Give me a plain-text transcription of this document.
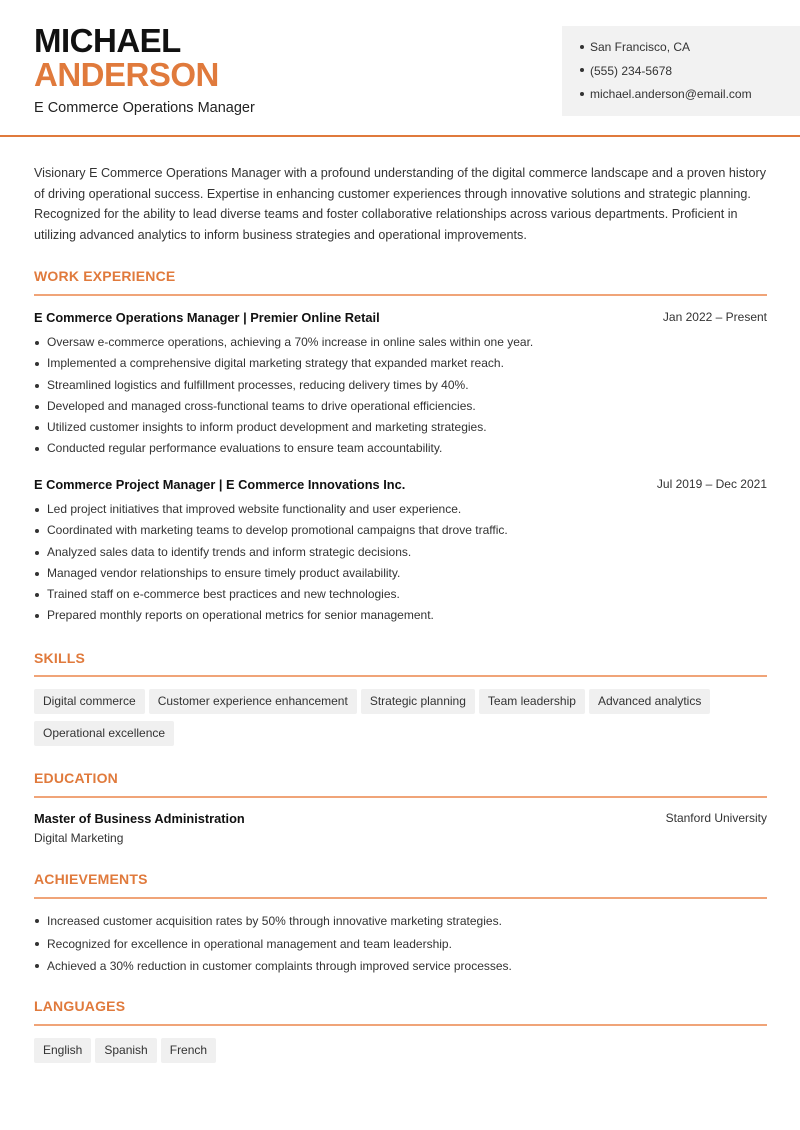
MICHAEL
ANDERSON
E Commerce Operations Manager
San Francisco, CA
(555) 234-5678
michael.anderson@email.com

Visionary E Commerce Operations Manager with a profound understanding of the digital commerce landscape and a proven history of driving operational success. Expertise in enhancing customer experiences through innovative solutions and strategic planning. Recognized for the ability to lead diverse teams and foster collaborative relationships across various departments. Proficient in utilizing advanced analytics to inform business strategies and operational improvements.

WORK EXPERIENCE
E Commerce Operations Manager | Premier Online Retail	Jan 2022 – Present
Oversaw e-commerce operations, achieving a 70% increase in online sales within one year.
Implemented a comprehensive digital marketing strategy that expanded market reach.
Streamlined logistics and fulfillment processes, reducing delivery times by 40%.
Developed and managed cross-functional teams to drive operational efficiencies.
Utilized customer insights to inform product development and marketing strategies.
Conducted regular performance evaluations to ensure team accountability.
E Commerce Project Manager | E Commerce Innovations Inc.	Jul 2019 – Dec 2021
Led project initiatives that improved website functionality and user experience.
Coordinated with marketing teams to develop promotional campaigns that drove traffic.
Analyzed sales data to identify trends and inform strategic decisions.
Managed vendor relationships to ensure timely product availability.
Trained staff on e-commerce best practices and new technologies.
Prepared monthly reports on operational metrics for senior management.
SKILLS
Digital commerce Customer experience enhancement Strategic planning Team leadership Advanced analyticsOperational excellence
EDUCATION
Master of Business Administration	Stanford University
Digital Marketing
ACHIEVEMENTS
Increased customer acquisition rates by 50% through innovative marketing strategies.
Recognized for excellence in operational management and team leadership.
Achieved a 30% reduction in customer complaints through improved service processes.
LANGUAGES
English Spanish French
